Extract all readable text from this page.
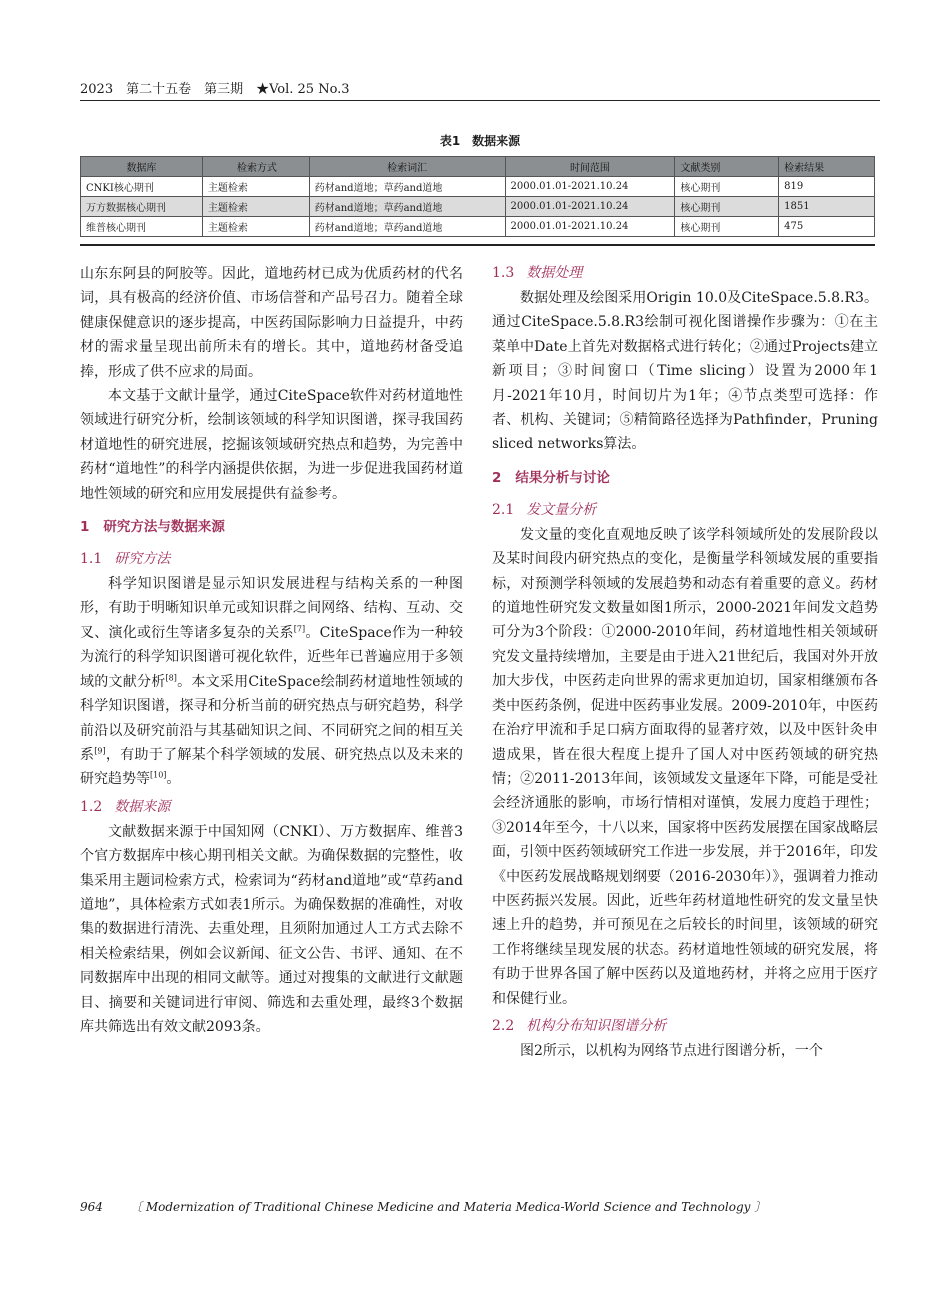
2023　第二十五卷　第三期　★Vol. 25 No.3
表1　数据来源
数据库	检索方式	检索词汇	时间范围	文献类别	检索结果
CNKI核心期刊	主题检索	药材and道地；草药and道地	2000.01.01-2021.10.24	核心期刊	819
万方数据核心期刊	主题检索	药材and道地；草药and道地	2000.01.01-2021.10.24	核心期刊	1851
维普核心期刊	主题检索	药材and道地；草药and道地	2000.01.01-2021.10.24	核心期刊	475

山东东阿县的阿胶等。因此，道地药材已成为优质药材的代名词，具有极高的经济价值、市场信誉和产品号召力。随着全球健康保健意识的逐步提高，中医药国际影响力日益提升，中药材的需求量呈现出前所未有的增长。其中，道地药材备受追捧，形成了供不应求的局面。

本文基于文献计量学，通过CiteSpace软件对药材道地性领域进行研究分析，绘制该领域的科学知识图谱，探寻我国药材道地性的研究进展，挖掘该领域研究热点和趋势，为完善中药材“道地性”的科学内涵提供依据，为进一步促进我国药材道地性领域的研究和应用发展提供有益参考。

1 研究方法与数据来源
1.1 研究方法

科学知识图谱是显示知识发展进程与结构关系的一种图形，有助于明晰知识单元或知识群之间网络、结构、互动、交叉、演化或衍生等诸多复杂的关系[7]。CiteSpace作为一种较为流行的科学知识图谱可视化软件，近些年已普遍应用于多领域的文献分析[8]。本文采用CiteSpace绘制药材道地性领域的科学知识图谱，探寻和分析当前的研究热点与研究趋势，科学前沿以及研究前沿与其基础知识之间、不同研究之间的相互关系[9]，有助于了解某个科学领域的发展、研究热点以及未来的研究趋势等[10]。

1.2 数据来源

文献数据来源于中国知网（CNKI）、万方数据库、维普3个官方数据库中核心期刊相关文献。为确保数据的完整性，收集采用主题词检索方式，检索词为“药材and道地”或“草药and道地”，具体检索方式如表1所示。为确保数据的准确性，对收集的数据进行清洗、去重处理，且须附加通过人工方式去除不相关检索结果，例如会议新闻、征文公告、书评、通知、在不同数据库中出现的相同文献等。通过对搜集的文献进行文献题目、摘要和关键词进行审阅、筛选和去重处理，最终3个数据库共筛选出有效文献2093条。

1.3 数据处理

数据处理及绘图采用Origin 10.0及CiteSpace.5.8.R3。通过CiteSpace.5.8.R3绘制可视化图谱操作步骤为：①在主菜单中Date上首先对数据格式进行转化；②通过Projects建立新项目；③时间窗口（Time slicing）设置为2000年1月-2021年10月，时间切片为1年；④节点类型可选择：作者、机构、关键词；⑤精简路径选择为Pathfinder，Pruning sliced networks算法。

2 结果分析与讨论
2.1 发文量分析

发文量的变化直观地反映了该学科领域所处的发展阶段以及某时间段内研究热点的变化，是衡量学科领域发展的重要指标，对预测学科领域的发展趋势和动态有着重要的意义。药材的道地性研究发文数量如图1所示，2000-2021年间发文趋势可分为3个阶段：①2000-2010年间，药材道地性相关领域研究发文量持续增加，主要是由于进入21世纪后，我国对外开放加大步伐，中医药走向世界的需求更加迫切，国家相继颁布各类中医药条例，促进中医药事业发展。2009-2010年，中医药在治疗甲流和手足口病方面取得的显著疗效，以及中医针灸申遗成果，皆在很大程度上提升了国人对中医药领域的研究热情；②2011-2013年间，该领域发文量逐年下降，可能是受社会经济通胀的影响，市场行情相对谨慎，发展力度趋于理性；③2014年至今，十八以来，国家将中医药发展摆在国家战略层面，引领中医药领域研究工作进一步发展，并于2016年，印发《中医药发展战略规划纲要（2016-2030年）》，强调着力推动中医药振兴发展。因此，近些年药材道地性研究的发文量呈快速上升的趋势，并可预见在之后较长的时间里，该领域的研究工作将继续呈现发展的状态。药材道地性领域的研究发展，将有助于世界各国了解中医药以及道地药材，并将之应用于医疗和保健行业。

2.2 机构分布知识图谱分析

图2所示，以机构为网络节点进行图谱分析，一个

964 〔 Modernization of Traditional Chinese Medicine and Materia Medica-World Science and Technology 〕
